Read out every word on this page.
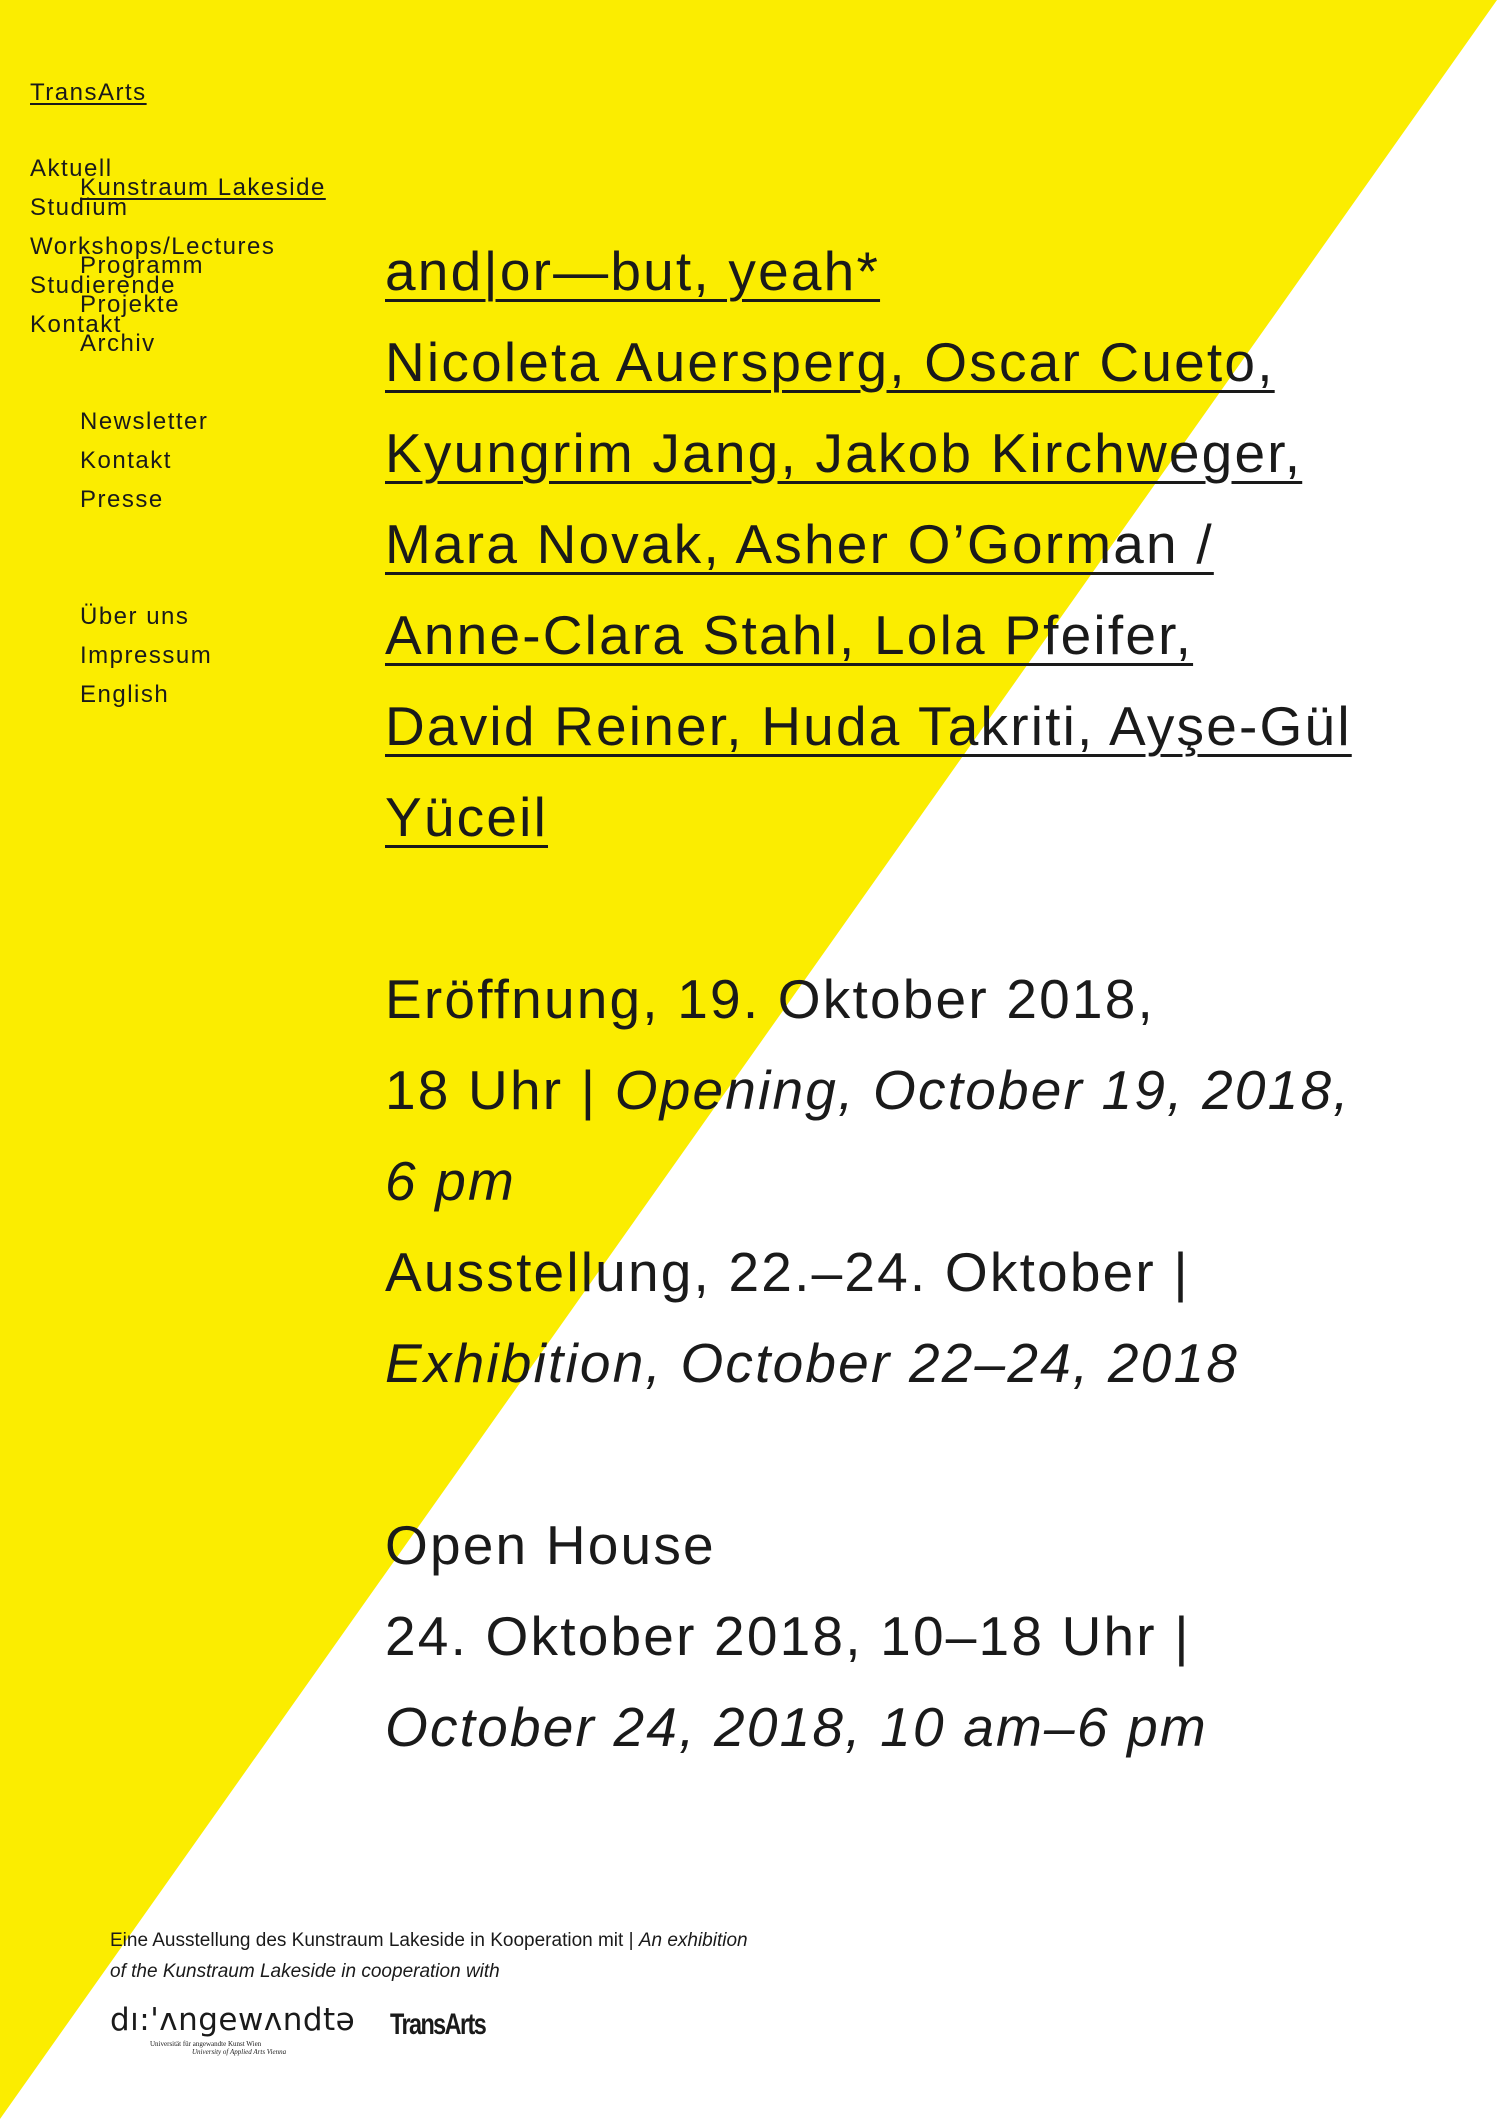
TransArts
Aktuell
Studium
Workshops/Lectures
Studierende
Kontakt
Kunstraum Lakeside
Programm
Projekte
Archiv
Newsletter
Kontakt
Presse
Über uns
Impressum
English
and|or—but, yeah*
Nicoleta Auersperg, Oscar Cueto,
Kyungrim Jang, Jakob Kirchweger,
Mara Novak, Asher O’Gorman /
Anne-Clara Stahl, Lola Pfeifer,
David Reiner, Huda Takriti, Ayşe-Gül
Yüceil
Eröffnung, 19. Oktober 2018,
18 Uhr | Opening, October 19, 2018,
6 pm
Ausstellung, 22.–24. Oktober |
Exhibition, October 22–24, 2018
Open House
24. Oktober 2018, 10–18 Uhr |
October 24, 2018, 10 am–6 pm
Eine Ausstellung des Kunstraum Lakeside in Kooperation mit | An exhibition
of the Kunstraum Lakeside in cooperation with
dı:'ʌngewʌndtə
Universität für angewandte Kunst Wien
University of Applied Arts Vienna
TransArts
